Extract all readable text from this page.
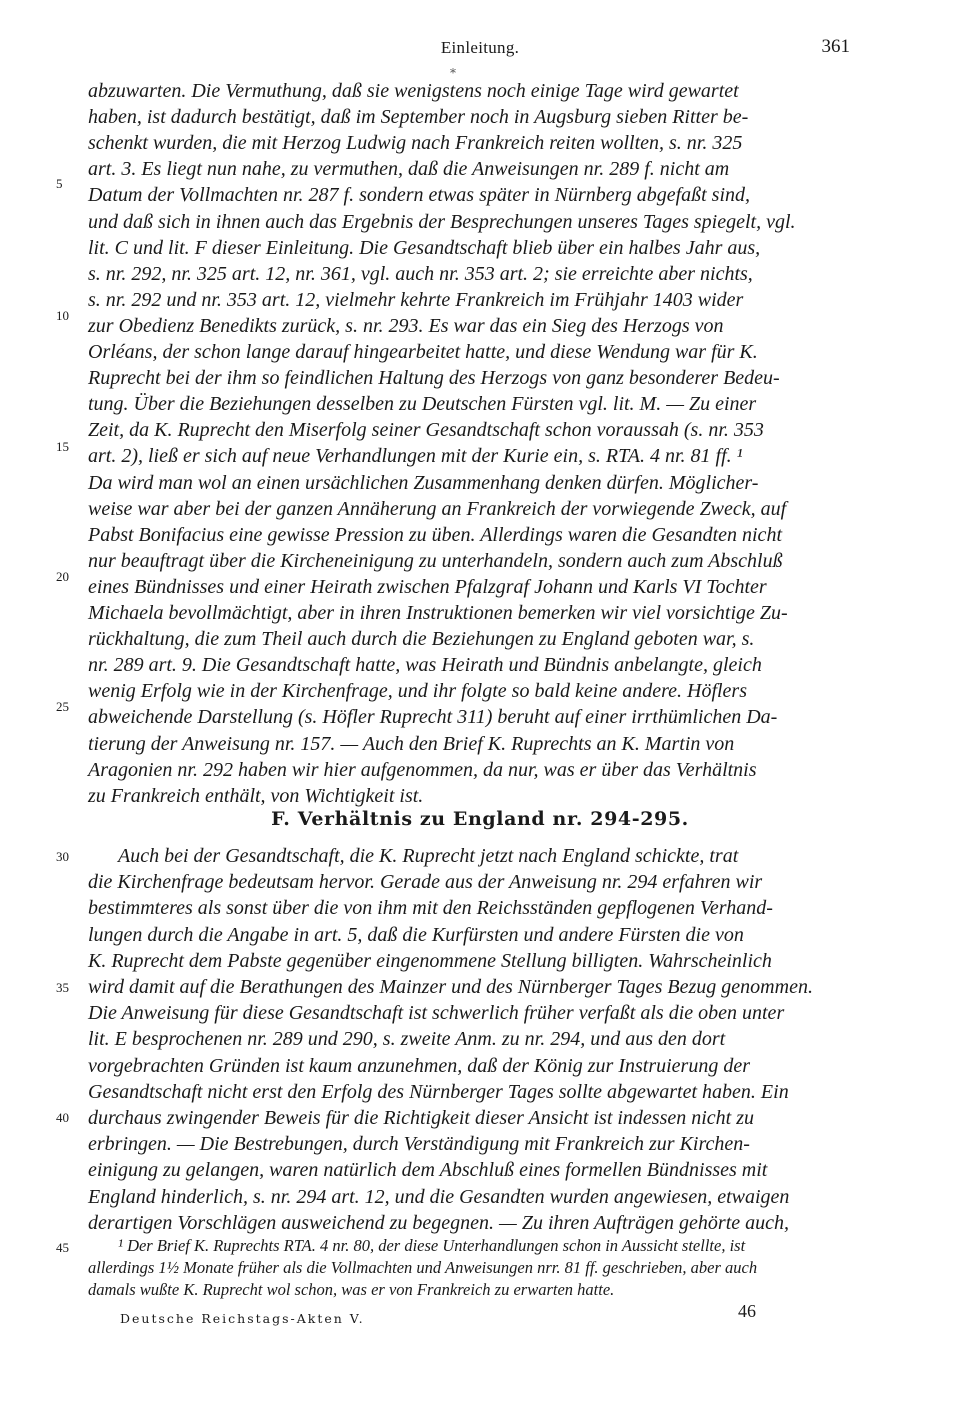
Einleitung.	361
*
abzuwarten. Die Vermuthung, daß sie wenigstens noch einige Tage wird gewartet
haben, ist dadurch bestätigt, daß im September noch in Augsburg sieben Ritter be-
schenkt wurden, die mit Herzog Ludwig nach Frankreich reiten wollten, s. nr. 325
art. 3. Es liegt nun nahe, zu vermuthen, daß die Anweisungen nr. 289 f. nicht am
Datum der Vollmachten nr. 287 f. sondern etwas später in Nürnberg abgefaßt sind,
und daß sich in ihnen auch das Ergebnis der Besprechungen unseres Tages spiegelt, vgl.
lit. C und lit. F dieser Einleitung. Die Gesandtschaft blieb über ein halbes Jahr aus,
s. nr. 292, nr. 325 art. 12, nr. 361, vgl. auch nr. 353 art. 2; sie erreichte aber nichts,
s. nr. 292 und nr. 353 art. 12, vielmehr kehrte Frankreich im Frühjahr 1403 wider
zur Obedienz Benedikts zurück, s. nr. 293. Es war das ein Sieg des Herzogs von
Orléans, der schon lange darauf hingearbeitet hatte, und diese Wendung war für K.
Ruprecht bei der ihm so feindlichen Haltung des Herzogs von ganz besonderer Bedeu-
tung. Über die Beziehungen desselben zu Deutschen Fürsten vgl. lit. M. — Zu einer
Zeit, da K. Ruprecht den Miserfolg seiner Gesandtschaft schon voraussah (s. nr. 353
art. 2), ließ er sich auf neue Verhandlungen mit der Kurie ein, s. RTA. 4 nr. 81 ff. ¹
Da wird man wol an einen ursächlichen Zusammenhang denken dürfen. Möglicher-
weise war aber bei der ganzen Annäherung an Frankreich der vorwiegende Zweck, auf
Pabst Bonifacius eine gewisse Pression zu üben. Allerdings waren die Gesandten nicht
nur beauftragt über die Kircheneinigung zu unterhandeln, sondern auch zum Abschluß
eines Bündnisses und einer Heirath zwischen Pfalzgraf Johann und Karls VI Tochter
Michaela bevollmächtigt, aber in ihren Instruktionen bemerken wir viel vorsichtige Zu-
rückhaltung, die zum Theil auch durch die Beziehungen zu England geboten war, s.
nr. 289 art. 9. Die Gesandtschaft hatte, was Heirath und Bündnis anbelangte, gleich
wenig Erfolg wie in der Kirchenfrage, und ihr folgte so bald keine andere. Höflers
abweichende Darstellung (s. Höfler Ruprecht 311) beruht auf einer irrthümlichen Da-
tierung der Anweisung nr. 157. — Auch den Brief K. Ruprechts an K. Martin von
Aragonien nr. 292 haben wir hier aufgenommen, da nur, was er über das Verhältnis
zu Frankreich enthält, von Wichtigkeit ist.
F. Verhältnis zu England nr. 294-295.
Auch bei der Gesandtschaft, die K. Ruprecht jetzt nach England schickte, trat
die Kirchenfrage bedeutsam hervor. Gerade aus der Anweisung nr. 294 erfahren wir
bestimmteres als sonst über die von ihm mit den Reichsständen gepflogenen Verhand-
lungen durch die Angabe in art. 5, daß die Kurfürsten und andere Fürsten die von
K. Ruprecht dem Pabste gegenüber eingenommene Stellung billigten. Wahrscheinlich
wird damit auf die Berathungen des Mainzer und des Nürnberger Tages Bezug genommen.
Die Anweisung für diese Gesandtschaft ist schwerlich früher verfaßt als die oben unter
lit. E besprochenen nr. 289 und 290, s. zweite Anm. zu nr. 294, und aus den dort
vorgebrachten Gründen ist kaum anzunehmen, daß der König zur Instruierung der
Gesandtschaft nicht erst den Erfolg des Nürnberger Tages sollte abgewartet haben. Ein
durchaus zwingender Beweis für die Richtigkeit dieser Ansicht ist indessen nicht zu
erbringen. — Die Bestrebungen, durch Verständigung mit Frankreich zur Kirchen-
einigung zu gelangen, waren natürlich dem Abschluß eines formellen Bündnisses mit
England hinderlich, s. nr. 294 art. 12, und die Gesandten wurden angewiesen, etwaigen
derartigen Vorschlägen ausweichend zu begegnen. — Zu ihren Aufträgen gehörte auch,
¹ Der Brief K. Ruprechts RTA. 4 nr. 80, der diese Unterhandlungen schon in Aussicht stellte, ist
allerdings 1½ Monate früher als die Vollmachten und Anweisungen nrr. 81 ff. geschrieben, aber auch
damals wußte K. Ruprecht wol schon, was er von Frankreich zu erwarten hatte.
5
10
15
20
25
30
35
40
45
Deutsche Reichstags-Akten V.	46
